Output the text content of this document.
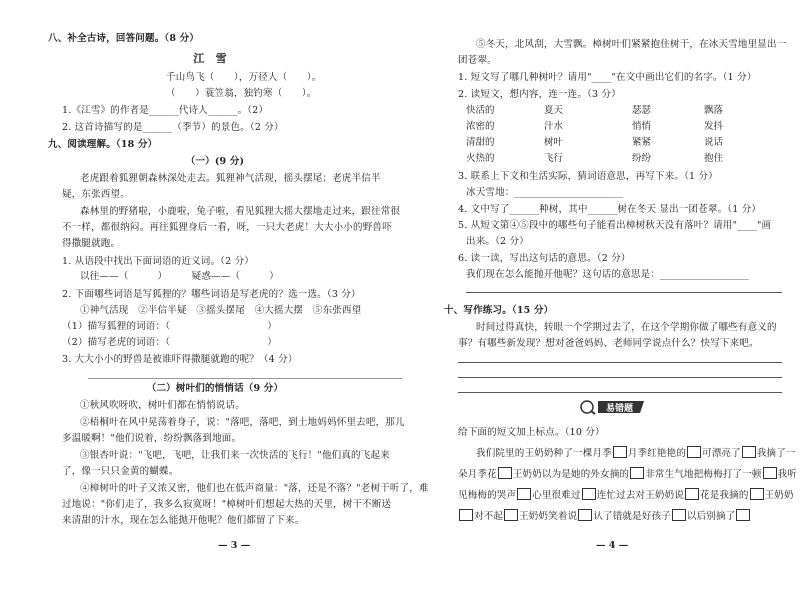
八、补全古诗，回答问题。（8 分）
江　雪
千山鸟飞（　　），万径人（　　）。
（　　）蓑笠翁，独钓寒（　　）。
1.《江雪》的作者是______代诗人______。（2）
2. 这首诗描写的是______（季节）的景色。（2 分）
九、阅读理解。（18 分）
（一）(9 分)
老虎跟着狐狸朝森林深处走去。狐狸神气活现，摇头摆尾；老虎半信半
疑，东张西望。
森林里的野猪啦，小鹿啦，兔子啦，看见狐狸大摇大摆地走过来，跟往常很
不一样，都很纳闷。再往狐狸身后一看，呀，一只大老虎！大大小小的野兽吓
得撒腿就跑。
1. 从语段中找出下面词语的近义词。（2 分）
以往——（　　　）　　　疑惑——（　　　）
2. 下面哪些词语是写狐狸的？哪些词语是写老虎的？选一选。（3 分）
①神气活现　②半信半疑　③摇头摆尾　④大摇大摆　⑤东张西望
（1）描写狐狸的词语：（　　　　　　　　　　）
（2）描写老虎的词语：（　　　　　　　　　　）
3. 大大小小的野兽是被谁吓得撒腿就跑的呢？（4 分）
（二）树叶们的悄悄话（9 分）
①秋风吹呀吹，树叶们都在悄悄说话。
②梧桐叶在风中晃荡着身子，说："落吧，落吧，到土地妈妈怀里去吧，那儿
多温暖啊！"他们说着，纷纷飘落到地面。
③银杏叶说："飞吧，飞吧，让我们来一次快活的飞行！"他们真的飞起来
了，像一只只金黄的蝴蝶。
④樟树叶的叶子又浓又密，他们也在低声商量："落，还是不落？"老树干听了，难
过地说："你们走了，我多么寂寞呀！"樟树叶们想起大热的天里，树干不断送
来清甜的汁水，现在怎么能抛开他呢？他们都留了下来。
— 3 —
⑤冬天，北风刮，大雪飘。樟树叶们紧紧抱住树干，在冰天雪地里显出一
团苍翠。
1. 短文写了哪几种树叶？请用"____"在文中画出它们的名字。（1 分）
2. 读短文，想内容，连一连。（3 分）
快活的	夏天	瑟瑟	飘落
浓密的	汁水	悄悄	发抖
清甜的	树叶	紧紧	说话
火热的	飞行	纷纷	抱住
3. 联系上下文和生活实际，猜词语意思，再写下来。（1 分）
冰天雪地：______________________
4. 文中写了______种树，其中______树在冬天 显出一团苍翠。（1 分）
5. 从短文第④⑤段中的哪些句子能看出樟树秋天没有落叶？请用"____"画
出来。（2 分）
6. 读一读，写出这句话的意思。（2 分）
我们现在怎么能抛开他呢？这句话的意思是：__________________
十、写作练习。（15 分）
时间过得真快，转眼一个学期过去了，在这个学期你做了哪些有意义的
事？有哪些新发现？想对爸爸妈妈、老师同学说点什么？快写下来吧。
易错题
给下面的短文加上标点。（10 分）
我们院里的王奶奶种了一棵月季 月季红艳艳的 可漂亮了 我摘了一
朵月季花 王奶奶以为是她的外女摘的 非常生气地把梅梅打了一顿 我听
见梅梅的哭声 心里很难过 连忙过去对王奶奶说 花是我摘的 王奶奶
对不起 王奶奶笑着说 认了错就是好孩子 以后别摘了
— 4 —
